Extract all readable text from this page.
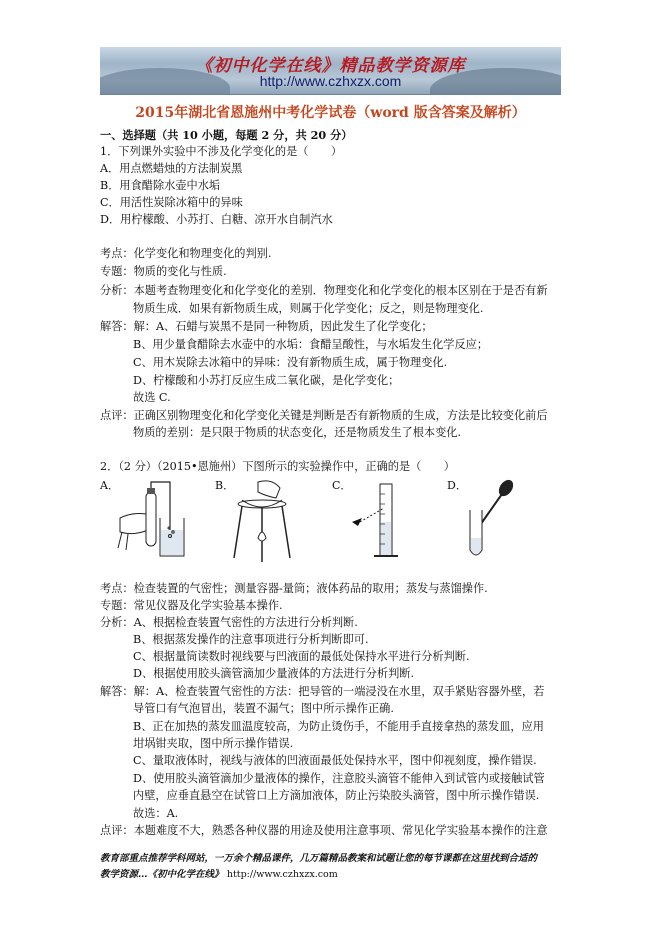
《初中化学在线》精品教学资源库
http://www.czhxzx.com
2015年湖北省恩施州中考化学试卷（word 版含答案及解析）
一、选择题（共 10 小题，每题 2 分，共 20 分）
1．下列课外实验中不涉及化学变化的是（　　）
A．用点燃蜡烛的方法制炭黑
B．用食醋除水壶中水垢
C．用活性炭除冰箱中的异味
D．用柠檬酸、小苏打、白糖、凉开水自制汽水
考点：化学变化和物理变化的判别.
专题：物质的变化与性质.
分析：本题考查物理变化和化学变化的差别．物理变化和化学变化的根本区别在于是否有新
物质生成．如果有新物质生成，则属于化学变化；反之，则是物理变化.
解答：解：A、石蜡与炭黑不是同一种物质，因此发生了化学变化；
B、用少量食醋除去水壶中的水垢：食醋呈酸性，与水垢发生化学反应；
C、用木炭除去冰箱中的异味：没有新物质生成，属于物理变化.
D、柠檬酸和小苏打反应生成二氧化碳，是化学变化；
故选 C.
点评：正确区别物理变化和化学变化关键是判断是否有新物质的生成，方法是比较变化前后
物质的差别：是只限于物质的状态变化，还是物质发生了根本变化.
2．（2 分）（2015•恩施州）下图所示的实验操作中，正确的是（　　）
A．	B．	C．	D．
考点：检查装置的气密性；测量容器-量筒；液体药品的取用；蒸发与蒸馏操作.
专题：常见仪器及化学实验基本操作.
分析：A、根据检查装置气密性的方法进行分析判断.
B、根据蒸发操作的注意事项进行分析判断即可.
C、根据量筒读数时视线要与凹液面的最低处保持水平进行分析判断.
D、根据使用胶头滴管滴加少量液体的方法进行分析判断.
解答：解：A、检查装置气密性的方法：把导管的一端浸没在水里，双手紧贴容器外壁，若
导管口有气泡冒出，装置不漏气；图中所示操作正确.
B、正在加热的蒸发皿温度较高，为防止烫伤手，不能用手直接拿热的蒸发皿，应用
坩埚钳夹取，图中所示操作错误.
C、量取液体时，视线与液体的凹液面最低处保持水平，图中仰视刻度，操作错误.
D、使用胶头滴管滴加少量液体的操作，注意胶头滴管不能伸入到试管内或接触试管
内壁，应垂直悬空在试管口上方滴加液体，防止污染胶头滴管，图中所示操作错误.
故选：A.
点评：本题难度不大，熟悉各种仪器的用途及使用注意事项、常见化学实验基本操作的注意
教育部重点推荐学科网站，一万余个精品课件，几万篇精品教案和试题让您的每节课都在这里找到合适的
教学资源…《初中化学在线》 http://www.czhxzx.com
